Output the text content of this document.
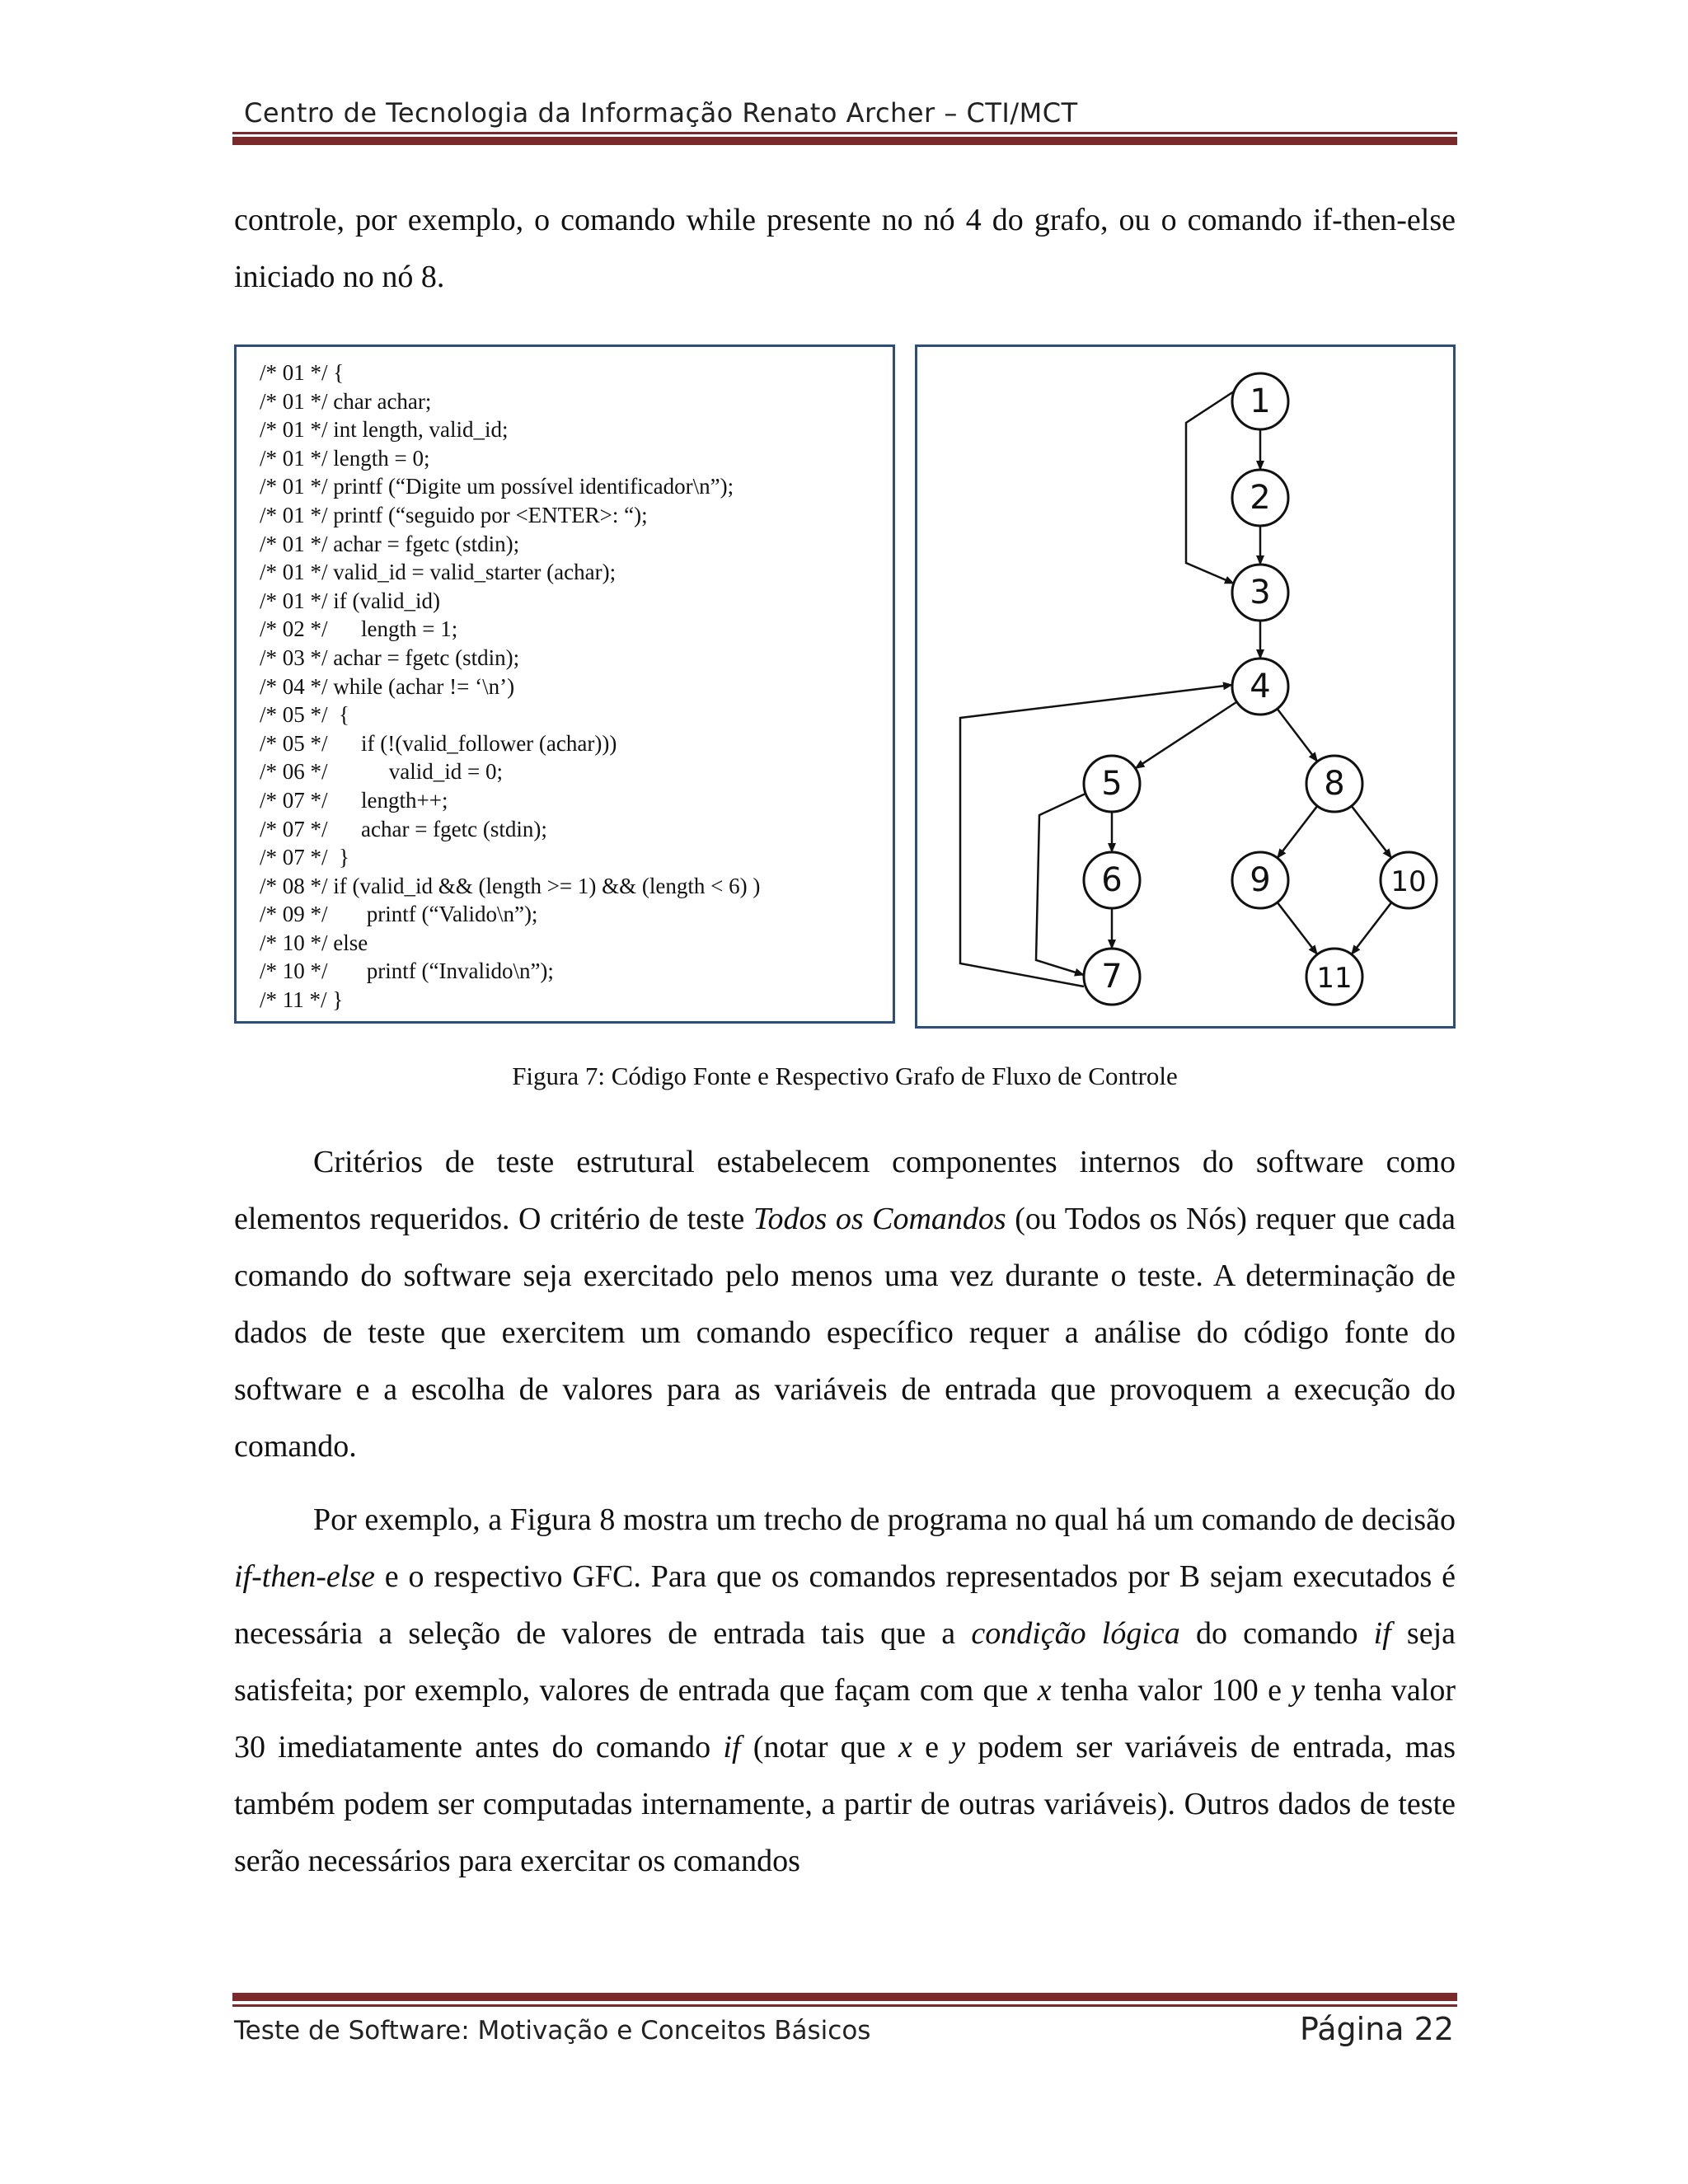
Centro de Tecnologia da Informação Renato Archer – CTI/MCT

controle, por exemplo, o comando while presente no nó 4 do grafo, ou o comando if-then-else iniciado no nó 8.

/* 01 */ {
/* 01 */ char achar;
/* 01 */ int length, valid_id;
/* 01 */ length = 0;
/* 01 */ printf (“Digite um possível identificador\n”);
/* 01 */ printf (“seguido por <ENTER>: “);
/* 01 */ achar = fgetc (stdin);
/* 01 */ valid_id = valid_starter (achar);
/* 01 */ if (valid_id)
/* 02 */      length = 1;
/* 03 */ achar = fgetc (stdin);
/* 04 */ while (achar != ‘\n’)
/* 05 */  {
/* 05 */      if (!(valid_follower (achar)))
/* 06 */           valid_id = 0;
/* 07 */      length++;
/* 07 */      achar = fgetc (stdin);
/* 07 */  }
/* 08 */ if (valid_id && (length >= 1) && (length < 6) )
/* 09 */       printf (“Valido\n”);
/* 10 */ else
/* 10 */       printf (“Invalido\n”);
/* 11 */ }
1
2
3
4
5
6
7
8
9	10
11
Figura 7: Código Fonte e Respectivo Grafo de Fluxo de Controle

Critérios de teste estrutural estabelecem componentes internos do software como elementos requeridos. O critério de teste Todos os Comandos (ou Todos os Nós) requer que cada comando do software seja exercitado pelo menos uma vez durante o teste. A determinação de dados de teste que exercitem um comando específico requer a análise do código fonte do software e a escolha de valores para as variáveis de entrada que provoquem a execução do comando.

Por exemplo, a Figura 8 mostra um trecho de programa no qual há um comando de decisão if-then-else e o respectivo GFC. Para que os comandos representados por B sejam executados é necessária a seleção de valores de entrada tais que a condição lógica do comando if seja satisfeita; por exemplo, valores de entrada que façam com que x tenha valor 100 e y tenha valor 30 imediatamente antes do comando if (notar que x e y podem ser variáveis de entrada, mas também podem ser computadas internamente, a partir de outras variáveis). Outros dados de teste serão necessários para exercitar os comandos

Teste de Software: Motivação e Conceitos Básicos	Página 22
